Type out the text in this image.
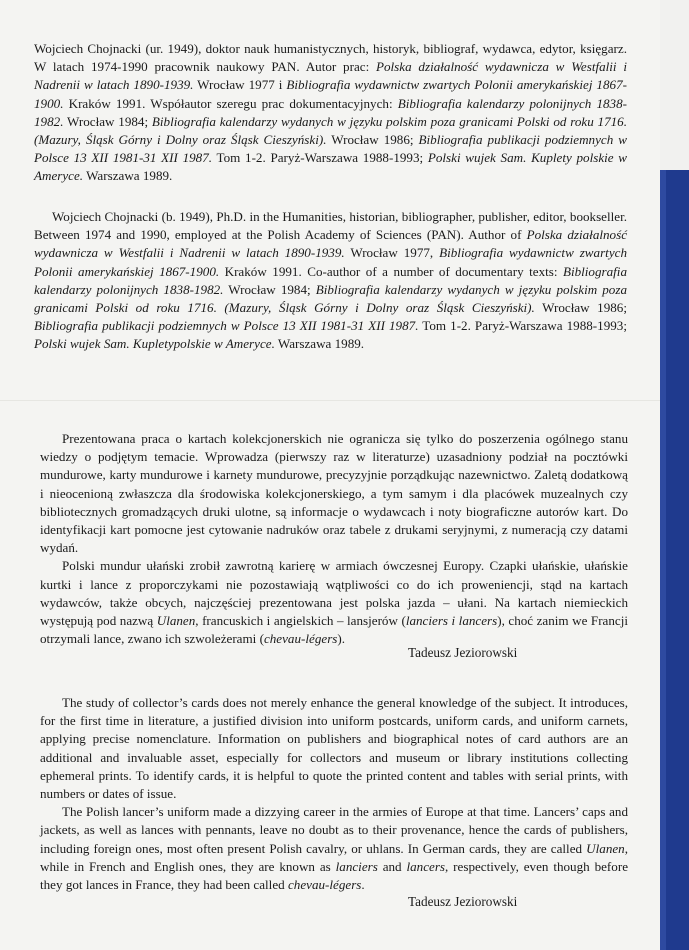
Wojciech Chojnacki (ur. 1949), doktor nauk humanistycznych, historyk, bibliograf, wydawca, edytor, księgarz. W latach 1974-1990 pracownik naukowy PAN. Autor prac: Polska działalność wydawnicza w Westfalii i Nadrenii w latach 1890-1939. Wrocław 1977 i Bibliografia wydawnictw zwartych Polonii amerykańskiej 1867-1900. Kraków 1991. Współautor szeregu prac dokumentacyjnych: Bibliografia kalendarzy polonijnych 1838-1982. Wrocław 1984; Bibliografia kalendarzy wydanych w języku polskim poza granicami Polski od roku 1716. (Mazury, Śląsk Górny i Dolny oraz Śląsk Cieszyński). Wrocław 1986; Bibliografia publikacji podziemnych w Polsce 13 XII 1981-31 XII 1987. Tom 1-2. Paryż-Warszawa 1988-1993; Polski wujek Sam. Kuplety polskie w Ameryce. Warszawa 1989.

Wojciech Chojnacki (b. 1949), Ph.D. in the Humanities, historian, bibliographer, publisher, editor, bookseller. Between 1974 and 1990, employed at the Polish Academy of Sciences (PAN). Author of Polska działalność wydawnicza w Westfalii i Nadrenii w latach 1890-1939. Wrocław 1977, Bibliografia wydawnictw zwartych Polonii amerykańskiej 1867-1900. Kraków 1991. Co-author of a number of documentary texts: Bibliografia kalendarzy polonijnych 1838-1982. Wrocław 1984; Bibliografia kalendarzy wydanych w języku polskim poza granicami Polski od roku 1716. (Mazury, Śląsk Górny i Dolny oraz Śląsk Cieszyński). Wrocław 1986; Bibliografia publikacji podziemnych w Polsce 13 XII 1981-31 XII 1987. Tom 1-2. Paryż-Warszawa 1988-1993; Polski wujek Sam. Kupletypolskie w Ameryce. Warszawa 1989.

Prezentowana praca o kartach kolekcjonerskich nie ogranicza się tylko do poszerzenia ogólnego stanu wiedzy o podjętym temacie. Wprowadza (pierwszy raz w literaturze) uzasadniony podział na pocztówki mundurowe, karty mundurowe i karnety mundurowe, precyzyjnie porządkując nazewnictwo. Zaletą dodatkową i nieocenioną zwłaszcza dla środowiska kolekcjonerskiego, a tym samym i dla placówek muzealnych czy bibliotecznych gromadzących druki ulotne, są informacje o wydawcach i noty biograficzne autorów kart. Do identyfikacji kart pomocne jest cytowanie nadruków oraz tabele z drukami seryjnymi, z numeracją czy datami wydań.

Polski mundur ułański zrobił zawrotną karierę w armiach ówczesnej Europy. Czapki ułańskie, ułańskie kurtki i lance z proporczykami nie pozostawiają wątpliwości co do ich proweniencji, stąd na kartach wydawców, także obcych, najczęściej prezentowana jest polska jazda – ułani. Na kartach niemieckich występują pod nazwą Ulanen, francuskich i angielskich – lansjerów (lanciers i lancers), choć zanim we Francji otrzymali lance, zwano ich szwoleżerami (chevau-légers).

Tadeusz Jeziorowski

The study of collector’s cards does not merely enhance the general knowledge of the subject. It introduces, for the first time in literature, a justified division into uniform postcards, uniform cards, and uniform carnets, applying precise nomenclature. Information on publishers and biographical notes of card authors are an additional and invaluable asset, especially for collectors and museum or library institutions collecting ephemeral prints. To identify cards, it is helpful to quote the printed content and tables with serial prints, with numbers or dates of issue.

The Polish lancer’s uniform made a dizzying career in the armies of Europe at that time. Lancers’ caps and jackets, as well as lances with pennants, leave no doubt as to their provenance, hence the cards of publishers, including foreign ones, most often present Polish cavalry, or uhlans. In German cards, they are called Ulanen, while in French and English ones, they are known as lanciers and lancers, respectively, even though before they got lances in France, they had been called chevau-légers.

Tadeusz Jeziorowski
